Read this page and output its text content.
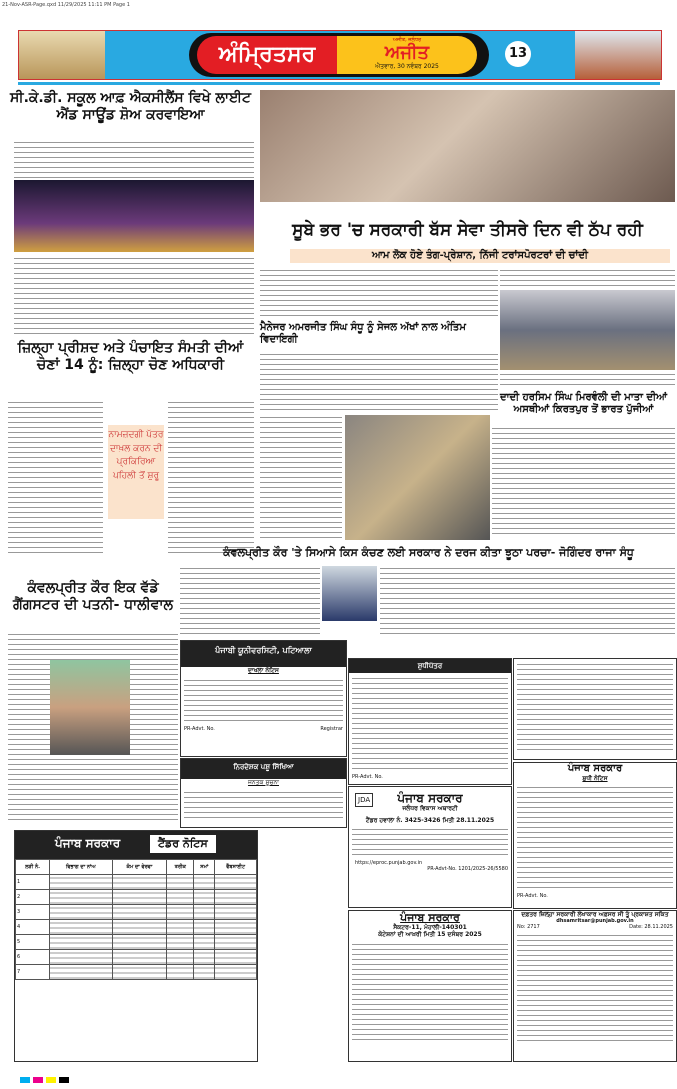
21-Nov-ASR-Page.qxd 11/29/2025 11:11 PM Page 1
ਅੰਮ੍ਰਿਤਸਰ
ਅਜੀਤ, ਜਲੰਧਰ
ਅਜੀਤ
ਐਤਵਾਰ, 30 ਨਵੰਬਰ 2025
13
ਸੀ.ਕੇ.ਡੀ. ਸਕੂਲ ਆਫ਼ ਐਕਸੀਲੈਂਸ ਵਿਖੇ ਲਾਈਟ ਐਂਡ ਸਾਊਂਡ ਸ਼ੋਅ ਕਰਵਾਇਆ
ਸੂਬੇ ਭਰ 'ਚ ਸਰਕਾਰੀ ਬੱਸ ਸੇਵਾ ਤੀਸਰੇ ਦਿਨ ਵੀ ਠੱਪ ਰਹੀ
ਆਮ ਲੋਕ ਹੋਏ ਤੰਗ-ਪ੍ਰੇਸ਼ਾਨ, ਨਿੱਜੀ ਟਰਾਂਸਪੋਰਟਰਾਂ ਦੀ ਚਾਂਦੀ
ਮੈਨੇਜਰ ਅਮਰਜੀਤ ਸਿੰਘ ਸੰਧੂ ਨੂੰ ਸੇਜਲ ਅੱਖਾਂ ਨਾਲ ਅੰਤਿਮ ਵਿਦਾਇਗੀ
ਦਾਦੀ ਹਰਸਿਮ ਸਿੰਘ ਮਿਰਵੰਲੀ ਦੀ ਮਾਤਾ ਦੀਆਂ ਅਸਥੀਆਂ ਕਿਰਤਪੁਰ ਤੋਂ ਭਾਰਤ ਪੁੱਜੀਆਂ
ਜ਼ਿਲ੍ਹਾ ਪ੍ਰੀਸ਼ਦ ਅਤੇ ਪੰਚਾਇਤ ਸੰਮਤੀ ਦੀਆਂ ਚੋਣਾਂ 14 ਨੂੰ: ਜ਼ਿਲ੍ਹਾ ਚੋਣ ਅਧਿਕਾਰੀ
ਨਾਮਜ਼ਦਗੀ ਪੱਤਰ ਦਾਖ਼ਲ ਕਰਨ ਦੀ ਪ੍ਰਕਿਰਿਆ ਪਹਿਲੀ ਤੋਂ ਸ਼ੁਰੂ
ਕੰਵਲਪ੍ਰੀਤ ਕੌਰ 'ਤੇ ਸਿਆਸੇ ਕਿਸ ਕੰਚਣ ਲਈ ਸਰਕਾਰ ਨੇ ਦਰਜ ਕੀਤਾ ਝੂਠਾ ਪਰਚਾ- ਜੋਗਿੰਦਰ ਰਾਜਾ ਸੰਧੂ
ਕੰਵਲਪ੍ਰੀਤ ਕੌਰ ਇਕ ਵੱਡੇ ਗੈਂਗਸਟਰ ਦੀ ਪਤਨੀ- ਧਾਲੀਵਾਲ
ਪੰਜਾਬੀ ਯੂਨੀਵਰਸਿਟੀ, ਪਟਿਆਲਾ
ਦਾਖਲਾ ਨੋਟਿਸ
PR-Advt. No.	Registrar
ਨਿਰਦੇਸ਼ਕ ਪਸ਼ੂ ਸਿੱਖਿਆ
ਜਨਤਕ ਸੂਚਨਾ
ਸ਼ੁਧੀਪੱਤਰ
PR-Advt. No.
JDA	ਪੰਜਾਬ ਸਰਕਾਰ
ਜਲੰਧਰ ਵਿਕਾਸ ਅਥਾਰਟੀ
ਟੈਂਡਰ ਹਵਾਲਾ ਨੰ. 3425-3426 ਮਿਤੀ 28.11.2025
https://eproc.punjab.gov.in
PR-Advt-No. 1201/2025-26/5580
ਪੰਜਾਬ ਸਰਕਾਰ
ਸੈਕਟਰ-11, ਮੋਹਾਲੀ-140301
ਕੋਟੇਸ਼ਨਾਂ ਦੀ ਆਖ਼ਰੀ ਮਿਤੀ 15 ਦਸੰਬਰ 2025
ਪੰਜਾਬ ਸਰਕਾਰ
ਸ਼ੁਧੀ ਨੋਟਿਸ
PR-Advt. No.
ਦਫ਼ਤਰ ਜ਼ਿਲ੍ਹਾ ਸਰਕਾਰੀ ਲੇਖਾਕਾਰ ਅਫ਼ਸਰ ਸੀ ਤੂੰ ਪ੍ਰਕਾਸ਼ਤ ਸਕਿਤ
dhsamritsar@punjab.gov.in
No: 2717	Date: 28.11.2025
ਪੰਜਾਬ ਸਰਕਾਰ	ਟੈਂਡਰ ਨੋਟਿਸ
ਲੜੀ ਨੰ.	ਵਿਭਾਗ ਦਾ ਨਾਂਅ	ਕੰਮ ਦਾ ਵੇਰਵਾ	ਤਰੀਕ	ਸਮਾਂ	ਵੈੱਬਸਾਈਟ
1					
2					
3					
4					
5					
6					
7					
